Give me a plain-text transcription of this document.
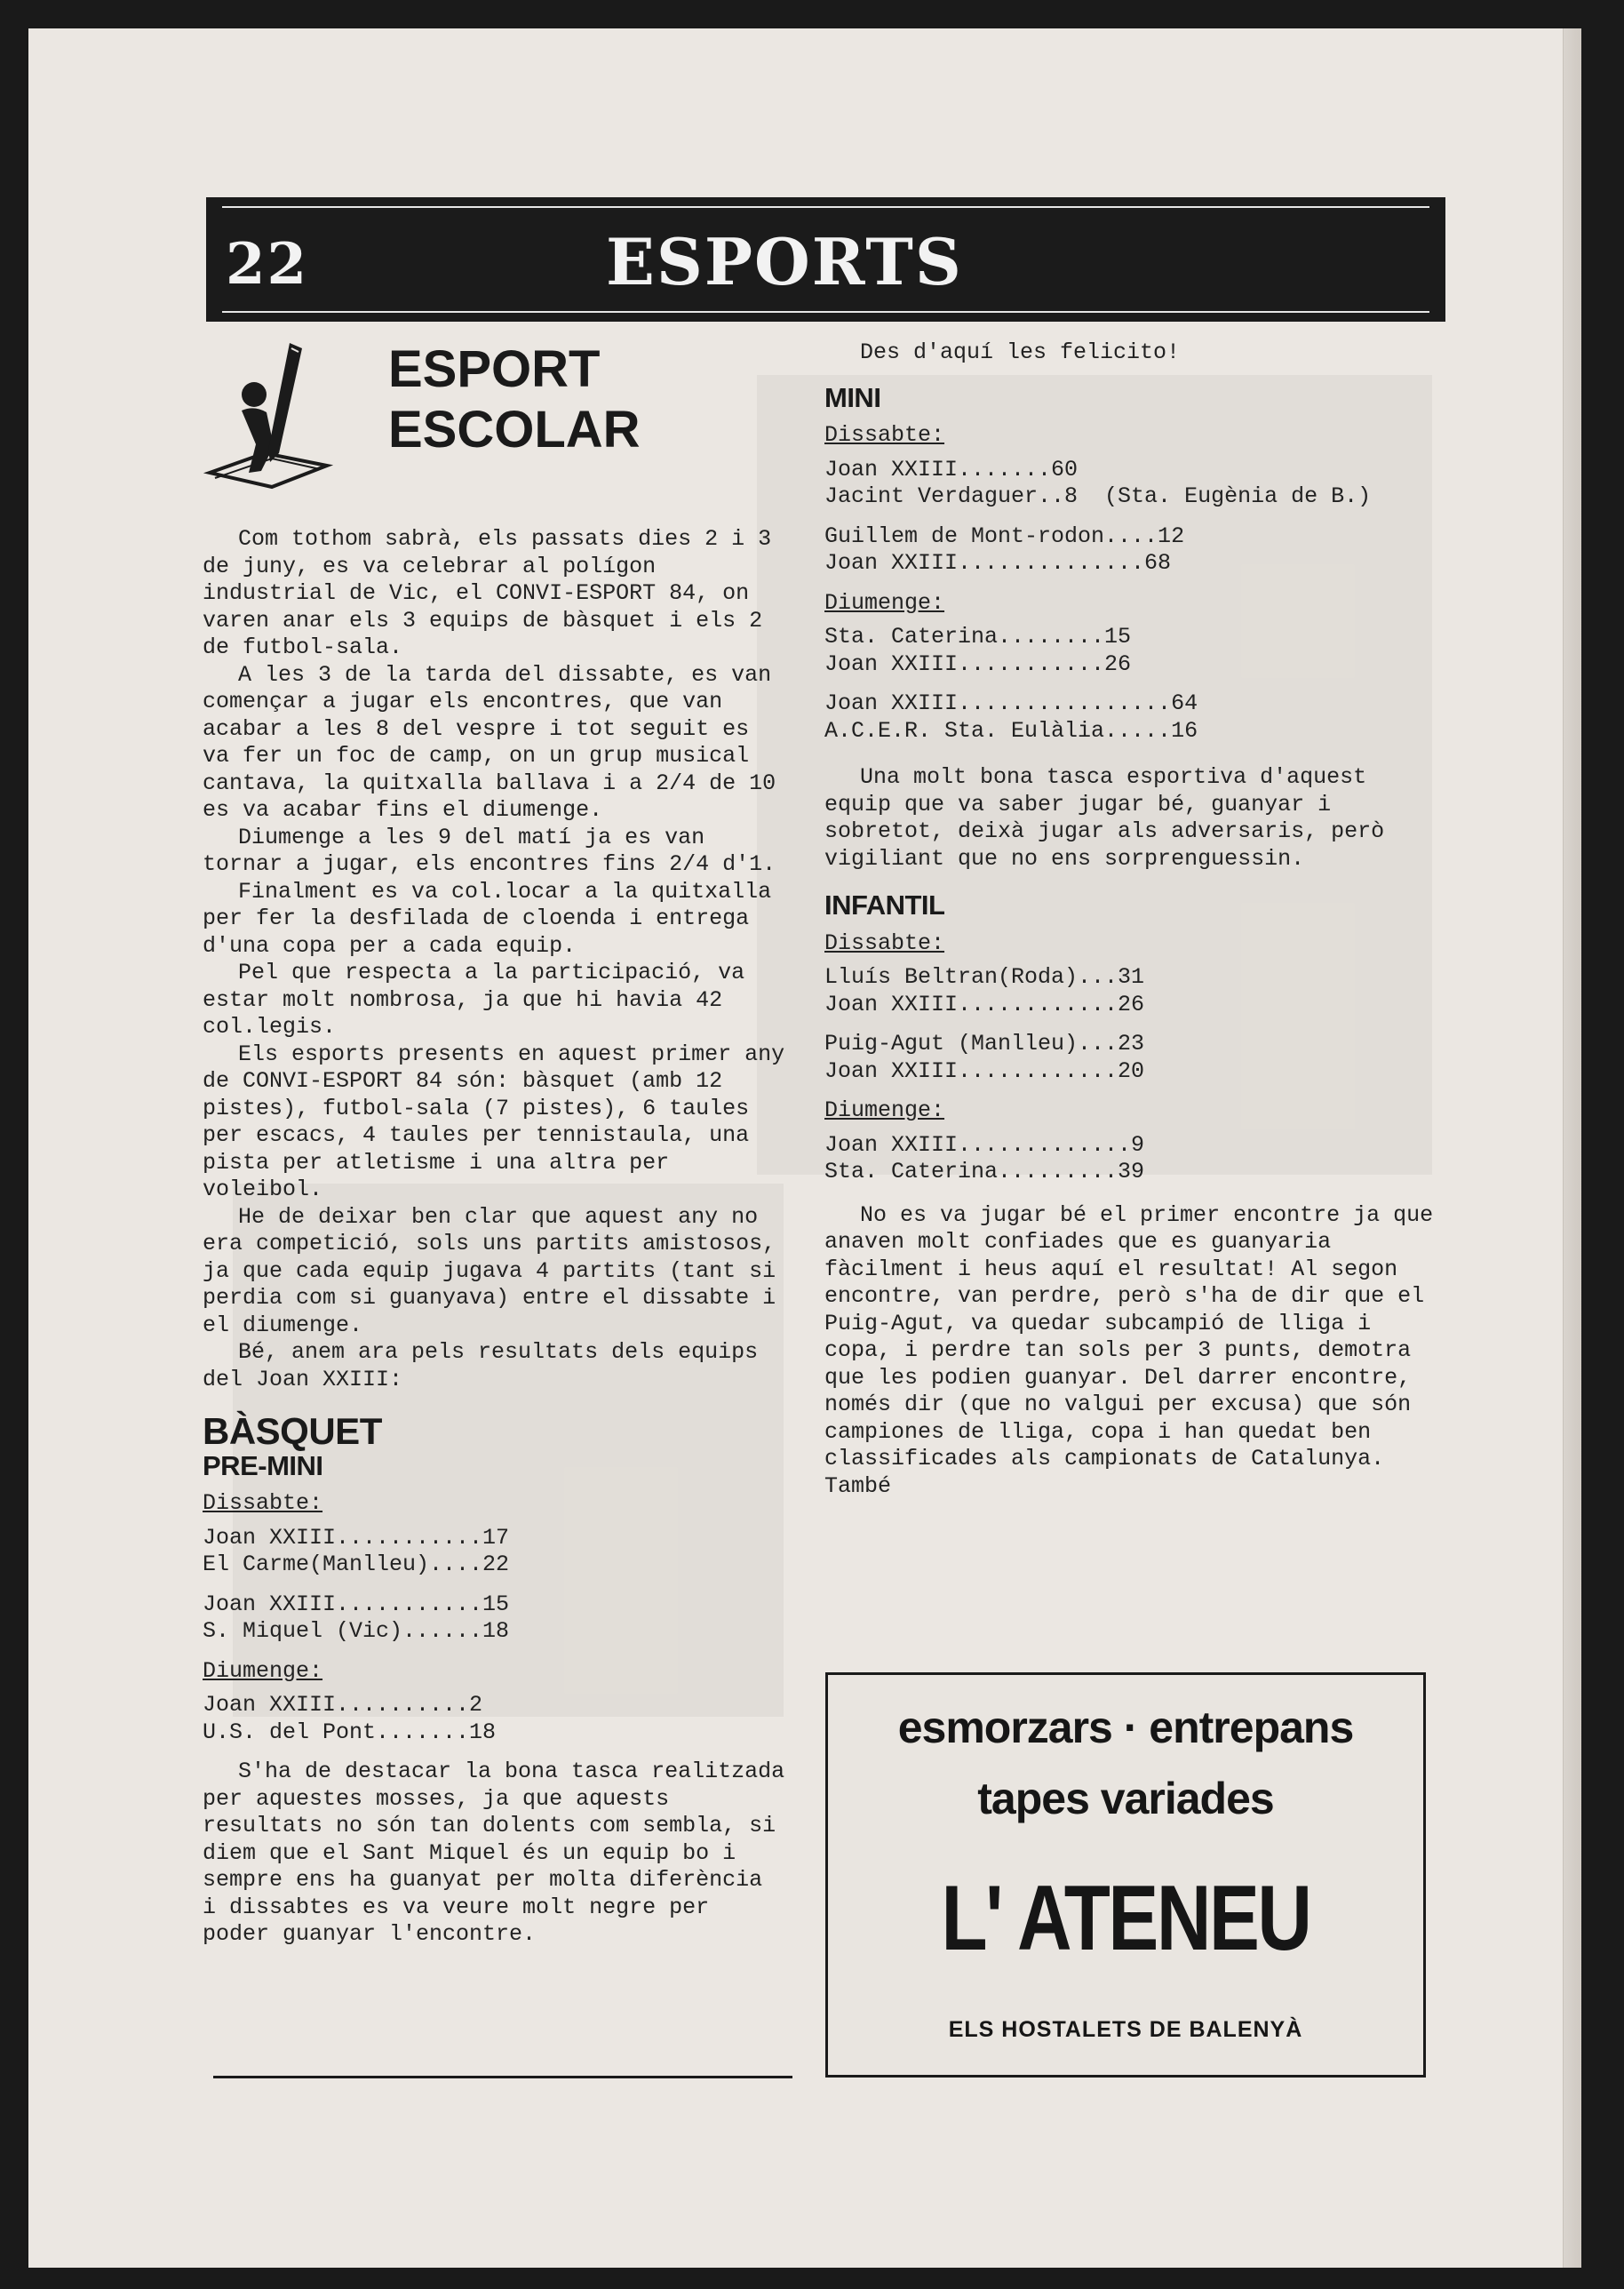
22	ESPORTS
ESPORT
ESCOLAR

Com tothom sabrà, els passats dies 2 i 3 de juny, es va celebrar al polígon industrial de Vic, el CONVI-ESPORT 84, on varen anar els 3 equips de bàsquet i els 2 de futbol-sala.

A les 3 de la tarda del dissabte, es van començar a jugar els encontres, que van acabar a les 8 del vespre i tot seguit es va fer un foc de camp, on un grup musical cantava, la quitxalla ballava i a 2/4 de 10 es va acabar fins el diumenge.

Diumenge a les 9 del matí ja es van tornar a jugar, els encontres fins 2/4 d'1.

Finalment es va col.locar a la quitxalla per fer la desfilada de cloenda i entrega d'una copa per a cada equip.

Pel que respecta a la participació, va estar molt nombrosa, ja que hi havia 42 col.legis.

Els esports presents en aquest primer any de CONVI-ESPORT 84 són: bàsquet (amb 12 pistes), futbol-sala (7 pistes), 6 taules per escacs, 4 taules per tennistaula, una pista per atletisme i una altra per voleibol.

He de deixar ben clar que aquest any no era competició, sols uns partits amistosos, ja que cada equip jugava 4 partits (tant si perdia com si guanyava) entre el dissabte i el diumenge.

Bé, anem ara pels resultats dels equips del Joan XXIII:

BÀSQUET
PRE-MINI
Dissabte:
Joan XXIII...........17
El Carme(Manlleu)....22
Joan XXIII...........15
S. Miquel (Vic)......18
Diumenge:
Joan XXIII..........2
U.S. del Pont.......18

S'ha de destacar la bona tasca realitzada per aquestes mosses, ja que aquests resultats no són tan dolents com sembla, si diem que el Sant Miquel és un equip bo i sempre ens ha guanyat per molta diferència i dissabtes es va veure molt negre per poder guanyar l'encontre.

Des d'aquí les felicito!

MINI
Dissabte:
Joan XXIII.......60
Jacint Verdaguer..8  (Sta. Eugènia de B.)
Guillem de Mont-rodon....12
Joan XXIII..............68
Diumenge:
Sta. Caterina........15
Joan XXIII...........26
Joan XXIII................64
A.C.E.R. Sta. Eulàlia.....16

Una molt bona tasca esportiva d'aquest equip que va saber jugar bé, guanyar i sobretot, deixà jugar als adversaris, però vigiliant que no ens sorprenguessin.

INFANTIL
Dissabte:
Lluís Beltran(Roda)...31
Joan XXIII............26
Puig-Agut (Manlleu)...23
Joan XXIII............20
Diumenge:
Joan XXIII.............9
Sta. Caterina.........39

No es va jugar bé el primer encontre ja que anaven molt confiades que es guanyaria fàcilment i heus aquí el resultat! Al segon encontre, van perdre, però s'ha de dir que el Puig-Agut, va quedar subcampió de lliga i copa, i perdre tan sols per 3 punts, demotra que les podien guanyar. Del darrer encontre, només dir (que no valgui per excusa) que són campiones de lliga, copa i han quedat ben classificades als campionats de Catalunya. També

esmorzars · entrepans
tapes variades
L' ATENEU
ELS HOSTALETS DE BALENYÀ
